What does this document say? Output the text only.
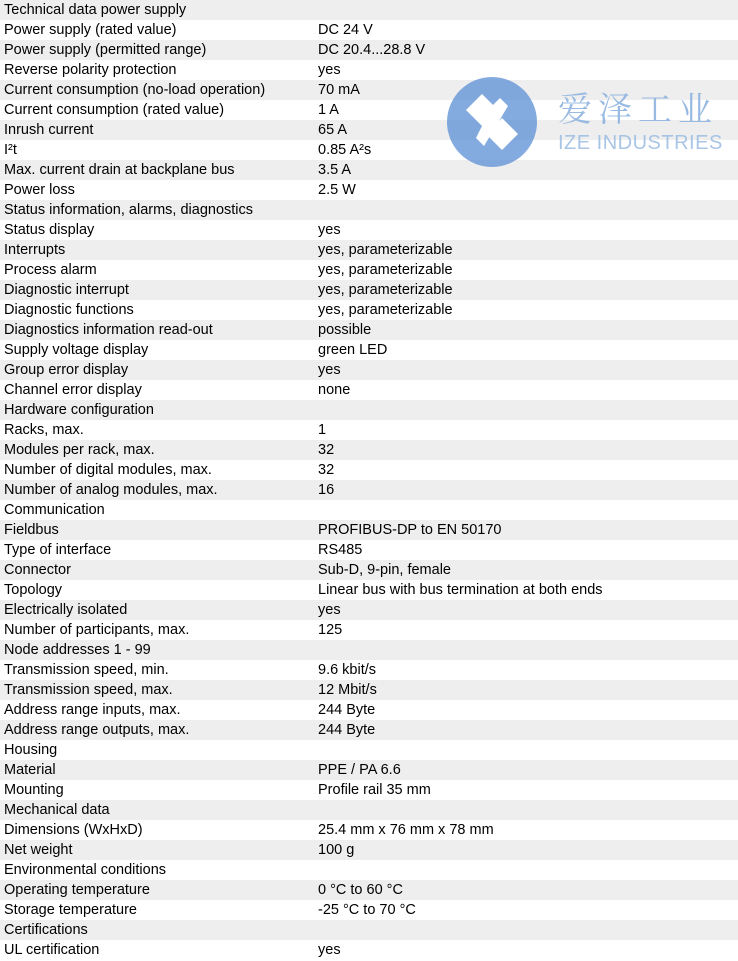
Technical data power supply
Power supply (rated value)	DC 24 V
Power supply (permitted range)	DC 20.4...28.8 V
Reverse polarity protection	yes
Current consumption (no-load operation)	70 mA
Current consumption (rated value)	1 A
Inrush current	65 A
I²t	0.85 A²s
Max. current drain at backplane bus	3.5 A
Power loss	2.5 W
Status information, alarms, diagnostics
Status display	yes
Interrupts	yes, parameterizable
Process alarm	yes, parameterizable
Diagnostic interrupt	yes, parameterizable
Diagnostic functions	yes, parameterizable
Diagnostics information read-out	possible
Supply voltage display	green LED
Group error display	yes
Channel error display	none
Hardware configuration
Racks, max.	1
Modules per rack, max.	32
Number of digital modules, max.	32
Number of analog modules, max.	16
Communication
Fieldbus	PROFIBUS-DP to EN 50170
Type of interface	RS485
Connector	Sub-D, 9-pin, female
Topology	Linear bus with bus termination at both ends
Electrically isolated	yes
Number of participants, max.	125
Node addresses 1 - 99
Transmission speed, min.	9.6 kbit/s
Transmission speed, max.	12 Mbit/s
Address range inputs, max.	244 Byte
Address range outputs, max.	244 Byte
Housing
Material	PPE / PA 6.6
Mounting	Profile rail 35 mm
Mechanical data
Dimensions (WxHxD)	25.4 mm x 76 mm x 78 mm
Net weight	100 g
Environmental conditions
Operating temperature	0 °C to 60 °C
Storage temperature	-25 °C to 70 °C
Certifications
UL certification	yes
爱泽工业
IZE INDUSTRIES
